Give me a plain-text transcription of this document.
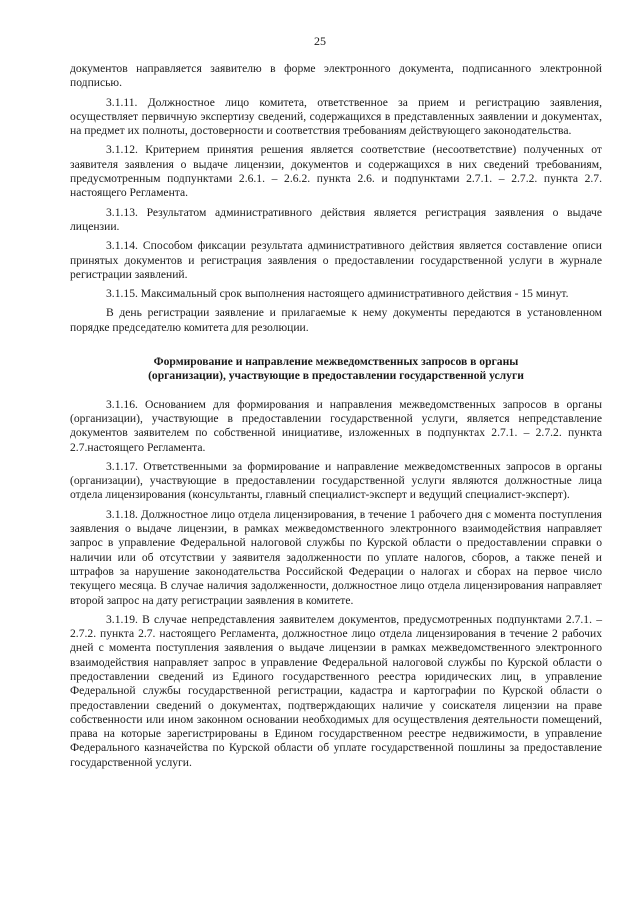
25

документов направляется заявителю в форме электронного документа, подписанного электронной подписью.

3.1.11. Должностное лицо комитета, ответственное за прием и регистрацию заявления, осуществляет первичную экспертизу сведений, содержащихся в представленных заявлении и документах, на предмет их полноты, достоверности и соответствия требованиям действующего законодательства.

3.1.12. Критерием принятия решения является соответствие (несоответствие) полученных от заявителя заявления о выдаче лицензии, документов и содержащихся в них сведений требованиям, предусмотренным подпунктами 2.6.1. – 2.6.2. пункта 2.6. и подпунктами 2.7.1. – 2.7.2. пункта 2.7. настоящего Регламента.

3.1.13. Результатом административного действия является регистрация заявления о выдаче лицензии.

3.1.14. Способом фиксации результата административного действия является составление описи принятых документов и регистрация заявления о предоставлении государственной услуги в журнале регистрации заявлений.

3.1.15. Максимальный срок выполнения настоящего административного действия - 15 минут.

В день регистрации заявление и прилагаемые к нему документы передаются в установленном порядке председателю комитета для резолюции.

Формирование и направление межведомственных запросов в органы
(организации), участвующие в предоставлении государственной услуги

3.1.16. Основанием для формирования и направления межведомственных запросов в органы (организации), участвующие в предоставлении государственной услуги, является непредставление документов заявителем по собственной инициативе, изложенных в подпунктах 2.7.1. – 2.7.2. пункта 2.7.настоящего Регламента.

3.1.17. Ответственными за формирование и направление межведомственных запросов в органы (организации), участвующие в предоставлении государственной услуги являются должностные лица отдела лицензирования (консультанты, главный специалист-эксперт и ведущий специалист-эксперт).

3.1.18. Должностное лицо отдела лицензирования, в течение 1 рабочего дня с момента поступления заявления о выдаче лицензии, в рамках межведомственного электронного взаимодействия направляет запрос в управление Федеральной налоговой службы по Курской области о предоставлении справки о наличии или об отсутствии у заявителя задолженности по уплате налогов, сборов, а также пеней и штрафов за нарушение законодательства Российской Федерации о налогах и сборах на первое число текущего месяца. В случае наличия задолженности, должностное лицо отдела лицензирования направляет второй запрос на дату регистрации заявления в комитете.

3.1.19. В случае непредставления заявителем документов, предусмотренных подпунктами 2.7.1. – 2.7.2. пункта 2.7. настоящего Регламента, должностное лицо отдела лицензирования в течение 2 рабочих дней с момента поступления заявления о выдаче лицензии в рамках межведомственного электронного взаимодействия направляет запрос в управление Федеральной налоговой службы по Курской области о предоставлении сведений из Единого государственного реестра юридических лиц, в управление Федеральной службы государственной регистрации, кадастра и картографии по Курской области о предоставлении сведений о документах, подтверждающих наличие у соискателя лицензии на праве собственности или ином законном основании необходимых для осуществления деятельности помещений, права на которые зарегистрированы в Едином государственном реестре недвижимости, в управление Федерального казначейства по Курской области об уплате государственной пошлины за предоставление государственной услуги.
